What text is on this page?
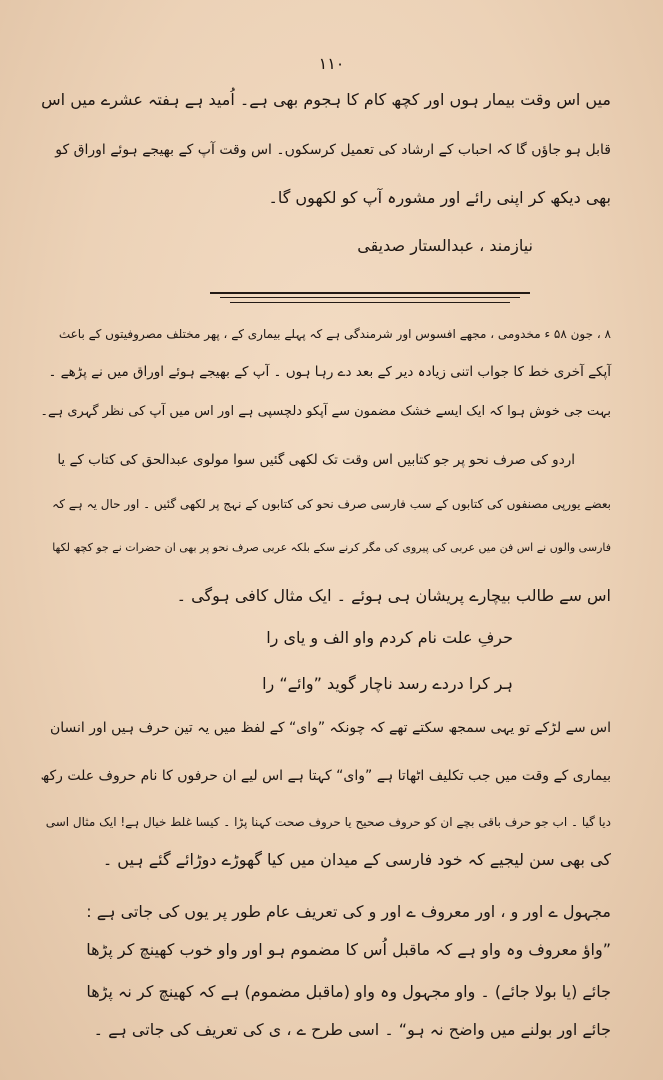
۱۱۰

میں اس وقت بیمار ہوں اور کچھ کام کا ہجوم بھی ہے۔ اُمید ہے ہفتہ عشرے میں اس

قابل ہو جاؤں گا کہ احباب کے ارشاد کی تعمیل کرسکوں۔ اس وقت آپ کے بھیجے ہوئے اوراق کو

بھی دیکھ کر اپنی رائے اور مشورہ آپ کو لکھوں گا۔

نیازمند ، عبدالستار صدیقی

۸ ، جون ۵۸ ء مخدومی ، مجھے افسوس اور شرمندگی ہے کہ پہلے بیماری کے ، پھر مختلف مصروفیتوں کے باعث

آپکے آخری خط کا جواب اتنی زیادہ دیر کے بعد دے رہا ہوں ۔ آپ کے بھیجے ہوئے اوراق میں نے پڑھے ۔

بہت جی خوش ہوا کہ ایک ایسے خشک مضمون سے آپکو دلچسپی ہے اور اس میں آپ کی نظر گہری ہے۔

اردو کی صرف نحو پر جو کتابیں اس وقت تک لکھی گئیں سوا مولوی عبدالحق کی کتاب کے یا

بعضے یورپی مصنفوں کی کتابوں کے سب فارسی صرف نحو کی کتابوں کے نہج پر لکھی گئیں ۔ اور حال یہ ہے کہ

فارسی والوں نے اس فن میں عربی کی پیروی کی مگر کرنے سکے بلکہ عربی صرف نحو پر بھی ان حضرات نے جو کچھ لکھا

اس سے طالب بیچارے پریشان ہی ہوئے ۔ ایک مثال کافی ہوگی ۔

حرفِ علت نام کردم واو الف و یای را

ہر کرا دردے رسد ناچار گوید ”وائے“ را

اس سے لڑکے تو یہی سمجھ سکتے تھے کہ چونکہ ”وای“ کے لفظ میں یہ تین حرف ہیں اور انسان

بیماری کے وقت میں جب تکلیف اٹھاتا ہے ”وای“ کہتا ہے اس لیے ان حرفوں کا نام حروف علت رکھ

دیا گیا ۔ اب جو حرف باقی بچے ان کو حروف صحیح یا حروف صحت کہنا پڑا ۔ کیسا غلط خیال ہے! ایک مثال اسی

کی بھی سن لیجیے کہ خود فارسی کے میدان میں کیا گھوڑے دوڑائے گئے ہیں ۔

مجہول ے اور و ، اور معروف ے اور و کی تعریف عام طور پر یوں کی جاتی ہے :

”واؤ معروف وہ واو ہے کہ ماقبل اُس کا مضموم ہو اور واو خوب کھینچ کر پڑھا

جائے (یا بولا جائے) ۔ واو مجہول وہ واو (ماقبل مضموم) ہے کہ کھینچ کر نہ پڑھا

جائے اور بولنے میں واضح نہ ہو“ ۔ اسی طرح ے ، ی کی تعریف کی جاتی ہے ۔
